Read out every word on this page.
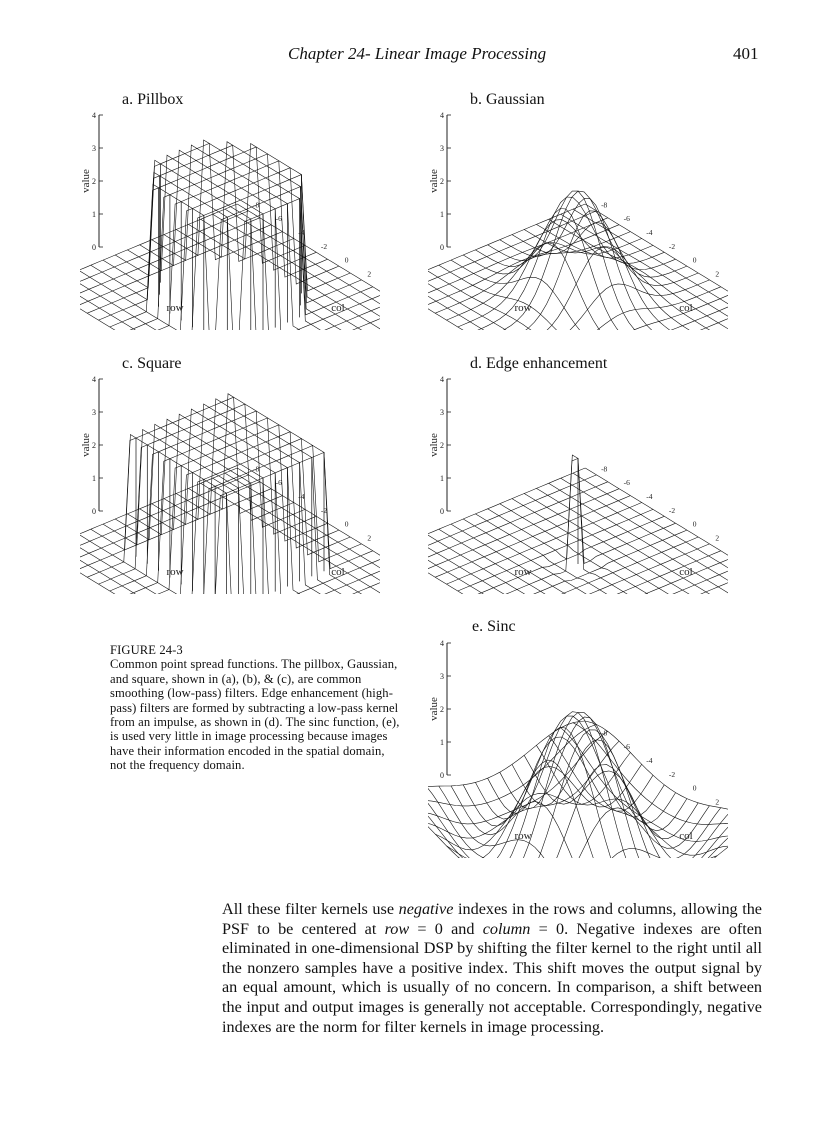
Chapter 24- Linear Image Processing	401
a. Pillbox	b. Gaussian
c. Square	d. Edge enhancement
e. Sinc
0
1
2
3
4
value
-8
-6
-4
-2
0
2
row	col
0
1
2
3
4
value
-8
-6
-4
-2
0
2
row	col
0
1
2
3
4
value
-8
-6
-4
-2
0
2
row	col
0
1
2
3
4
value
-8
-6
-4
-2
0
2
row	col
0
1
2
3
4
value
-8
-6
-4
-2
0
2
row	col

FIGURE 24-3

Common point spread functions. The pillbox, Gaussian, and square, shown in (a), (b), & (c), are common smoothing (low-pass) filters. Edge enhancement (high-pass) filters are formed by subtracting a low-pass kernel from an impulse, as shown in (d). The sinc function, (e), is used very little in image processing because images have their information encoded in the spatial domain, not the frequency domain.

All these filter kernels use negative indexes in the rows and columns, allowing the PSF to be centered at row = 0 and column = 0. Negative indexes are often eliminated in one-dimensional DSP by shifting the filter kernel to the right until all the nonzero samples have a positive index. This shift moves the output signal by an equal amount, which is usually of no concern. In comparison, a shift between the input and output images is generally not acceptable. Correspondingly, negative indexes are the norm for filter kernels in image processing.
